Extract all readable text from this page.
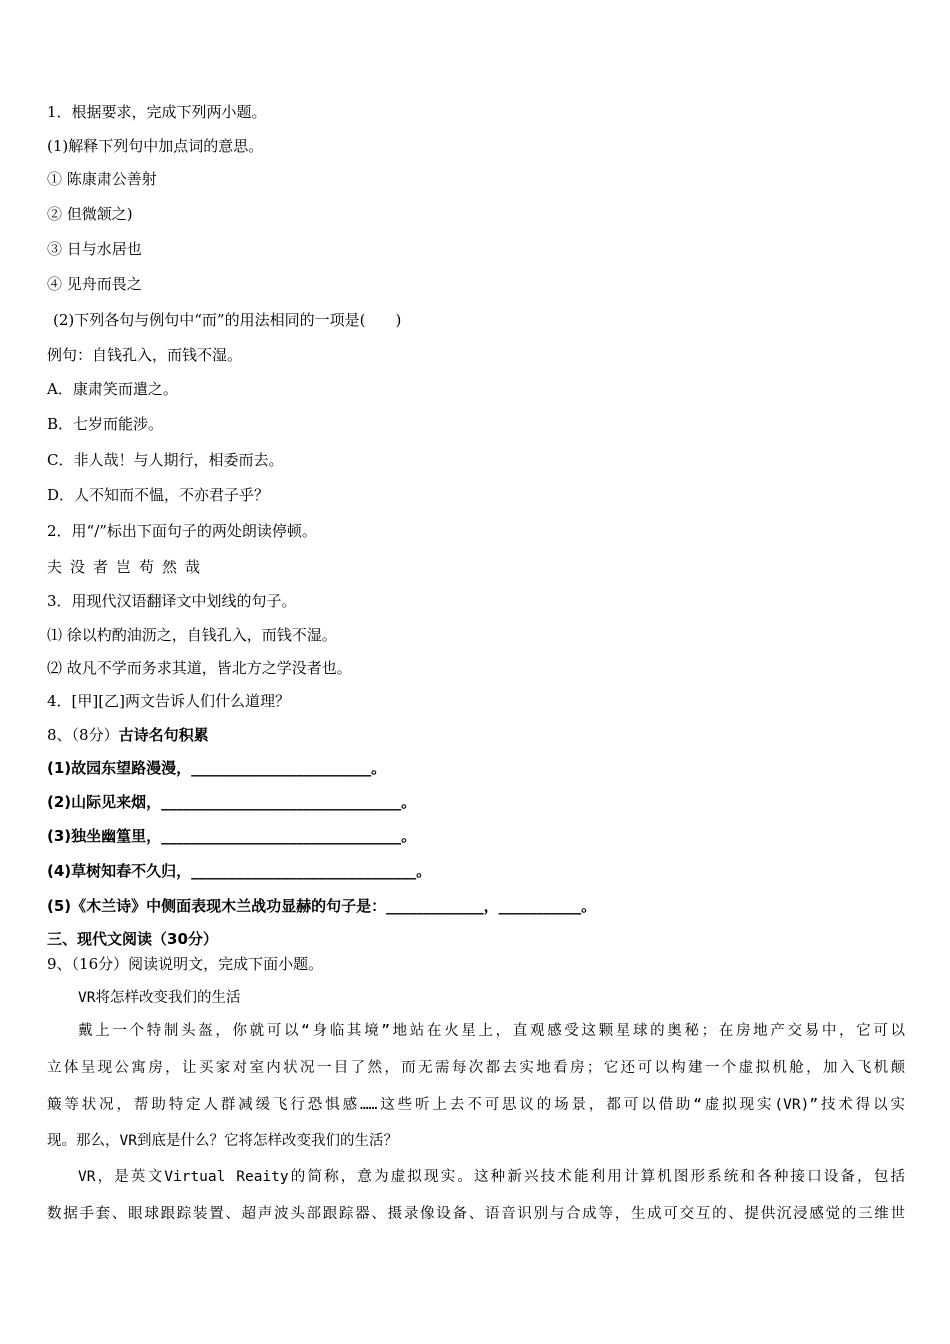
1．根据要求，完成下列两小题。
(1)解释下列句中加点词的意思。
① 陈康肃公善射
② 但微颔之)
③ 日与水居也
④ 见舟而畏之
(2)下列各句与例句中“而”的用法相同的一项是(　　)
例句：自钱孔入，而钱不湿。
A．康肃笑而遣之。
B．七岁而能涉。
C．非人哉！与人期行，相委而去。
D．人不知而不愠，不亦君子乎？
2．用“/”标出下面句子的两处朗读停顿。
夫没者岂苟然哉
3．用现代汉语翻译文中划线的句子。
⑴ 徐以杓酌油沥之，自钱孔入，而钱不湿。
⑵ 故凡不学而务求其道，皆北方之学没者也。
4．[甲][乙]两文告诉人们什么道理？
8、（8分）古诗名句积累
(1)故园东望路漫漫，________________________。
(2)山际见来烟，________________________________。
(3)独坐幽篁里，________________________________。
(4)草树知春不久归，______________________________。
(5)《木兰诗》中侧面表现木兰战功显赫的句子是：_____________，___________。
三、现代文阅读（30分）
9、（16分）阅读说明文，完成下面小题。
VR将怎样改变我们的生活
戴上一个特制头盔，你就可以“身临其境”地站在火星上，直观感受这颗星球的奥秘；在房地产交易中，它可以
立体呈现公寓房，让买家对室内状况一目了然，而无需每次都去实地看房；它还可以构建一个虚拟机舱，加入飞机颠
簸等状况，帮助特定人群减缓飞行恐惧感……这些听上去不可思议的场景，都可以借助“虚拟现实(VR)”技术得以实
现。那么，VR到底是什么？它将怎样改变我们的生活？
VR，是英文Virtual Reaity的简称，意为虚拟现实。这种新兴技术能利用计算机图形系统和各种接口设备，包括
数据手套、眼球跟踪装置、超声波头部跟踪器、摄录像设备、语音识别与合成等，生成可交互的、提供沉浸感觉的三维世
